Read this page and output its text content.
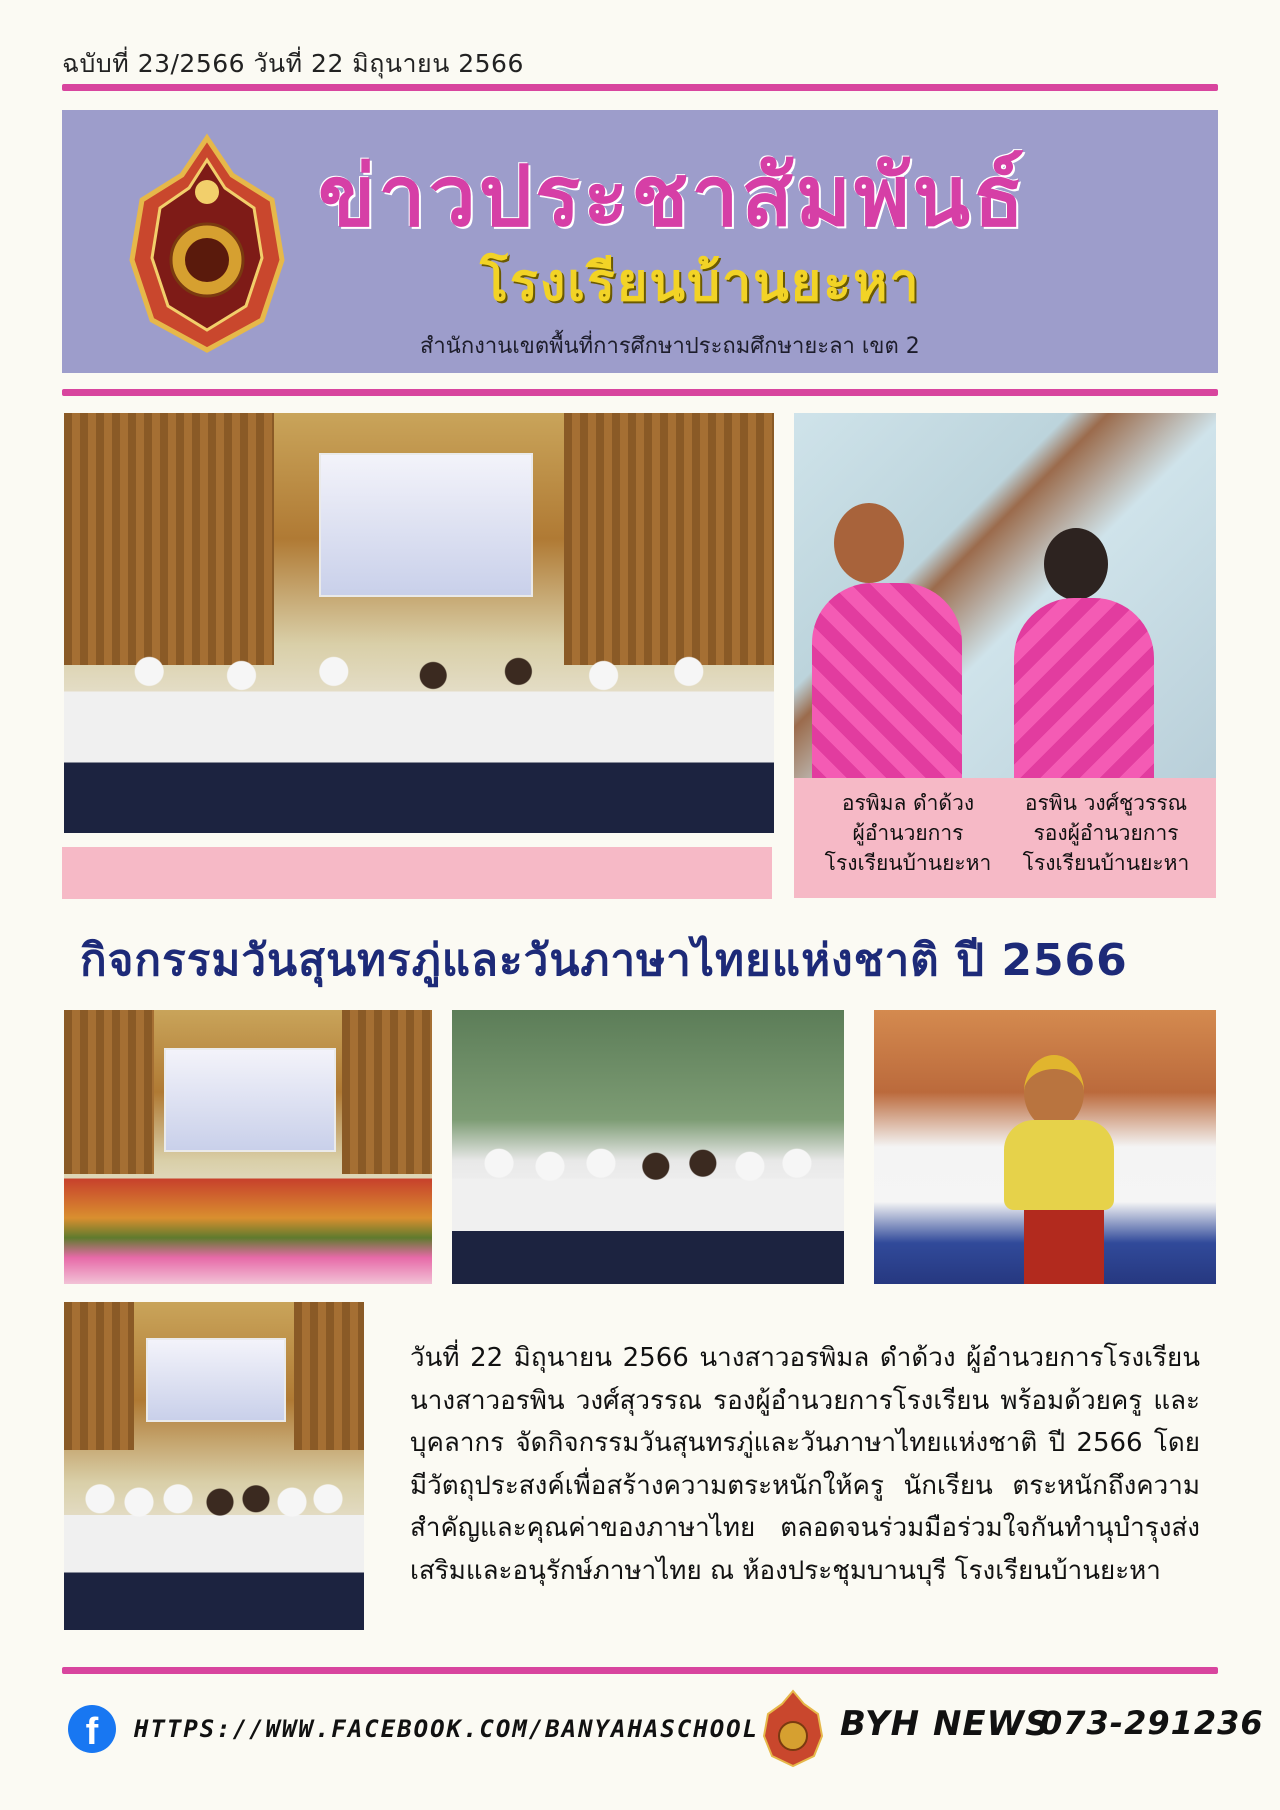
ฉบับที่ 23/2566 วันที่ 22 มิถุนายน 2566
ข่าวประชาสัมพันธ์
โรงเรียนบ้านยะหา
สำนักงานเขตพื้นที่การศึกษาประถมศึกษายะลา เขต 2
อรพิมล ดำด้วง
ผู้อำนวยการ
โรงเรียนบ้านยะหา
อรพิน วงศ์ชูวรรณ
รองผู้อำนวยการ
โรงเรียนบ้านยะหา
กิจกรรมวันสุนทรภู่และวันภาษาไทยแห่งชาติ ปี 2566
วันที่ 22 มิถุนายน 2566 นางสาวอรพิมล ดำด้วง ผู้อำนวยการโรงเรียน นางสาวอรพิน วงศ์สุวรรณ รองผู้อำนวยการโรงเรียน พร้อมด้วยครู และบุคลากร จัดกิจกรรมวันสุนทรภู่และวันภาษาไทยแห่งชาติ ปี 2566 โดยมีวัตถุประสงค์เพื่อสร้างความตระหนักให้ครู นักเรียน ตระหนักถึงความสำคัญและคุณค่าของภาษาไทย ตลอดจนร่วมมือร่วมใจกันทำนุบำรุงส่งเสริมและอนุรักษ์ภาษาไทย ณ ห้องประชุมบานบุรี โรงเรียนบ้านยะหา
f	HTTPS://WWW.FACEBOOK.COM/BANYAHASCHOOL BYH NEWS
073-291236
